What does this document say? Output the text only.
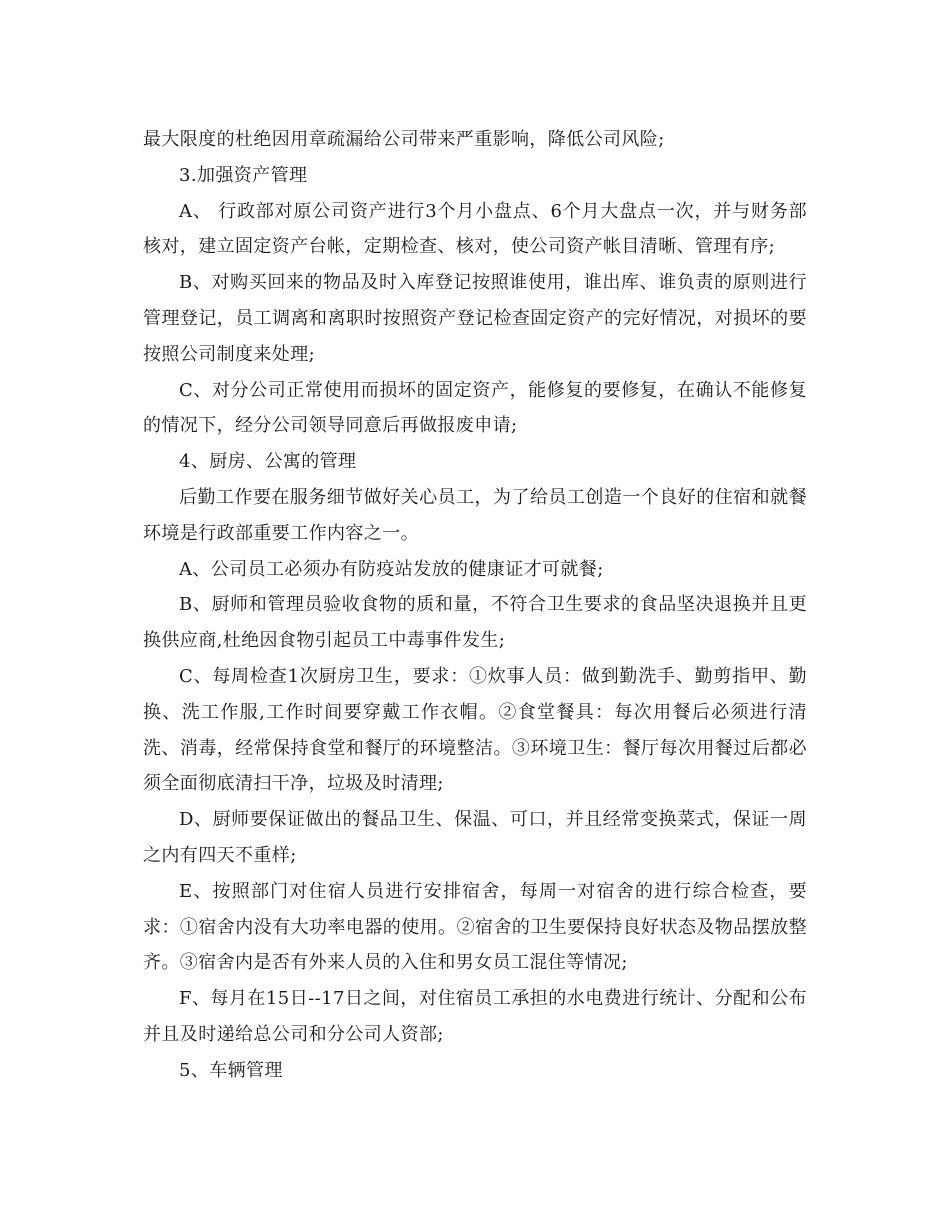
最大限度的杜绝因用章疏漏给公司带来严重影响，降低公司风险;

3.加强资产管理

A、 行政部对原公司资产进行3个月小盘点、6个月大盘点一次，并与财务部核对，建立固定资产台帐，定期检查、核对，使公司资产帐目清晰、管理有序;

B、对购买回来的物品及时入库登记按照谁使用，谁出库、谁负责的原则进行管理登记，员工调离和离职时按照资产登记检查固定资产的完好情况，对损坏的要按照公司制度来处理;

C、对分公司正常使用而损坏的固定资产，能修复的要修复，在确认不能修复的情况下，经分公司领导同意后再做报废申请;

4、厨房、公寓的管理

后勤工作要在服务细节做好关心员工，为了给员工创造一个良好的住宿和就餐环境是行政部重要工作内容之一。

A、公司员工必须办有防疫站发放的健康证才可就餐;

B、厨师和管理员验收食物的质和量，不符合卫生要求的食品坚决退换并且更换供应商,杜绝因食物引起员工中毒事件发生;

C、每周检查1次厨房卫生，要求：①炊事人员：做到勤洗手、勤剪指甲、勤换、洗工作服,工作时间要穿戴工作衣帽。②食堂餐具：每次用餐后必须进行清洗、消毒，经常保持食堂和餐厅的环境整洁。③环境卫生：餐厅每次用餐过后都必须全面彻底清扫干净，垃圾及时清理;

D、厨师要保证做出的餐品卫生、保温、可口，并且经常变换菜式，保证一周之内有四天不重样;

E、按照部门对住宿人员进行安排宿舍，每周一对宿舍的进行综合检查，要求：①宿舍内没有大功率电器的使用。②宿舍的卫生要保持良好状态及物品摆放整齐。③宿舍内是否有外来人员的入住和男女员工混住等情况;

F、每月在15日--17日之间，对住宿员工承担的水电费进行统计、分配和公布并且及时递给总公司和分公司人资部;

5、车辆管理
